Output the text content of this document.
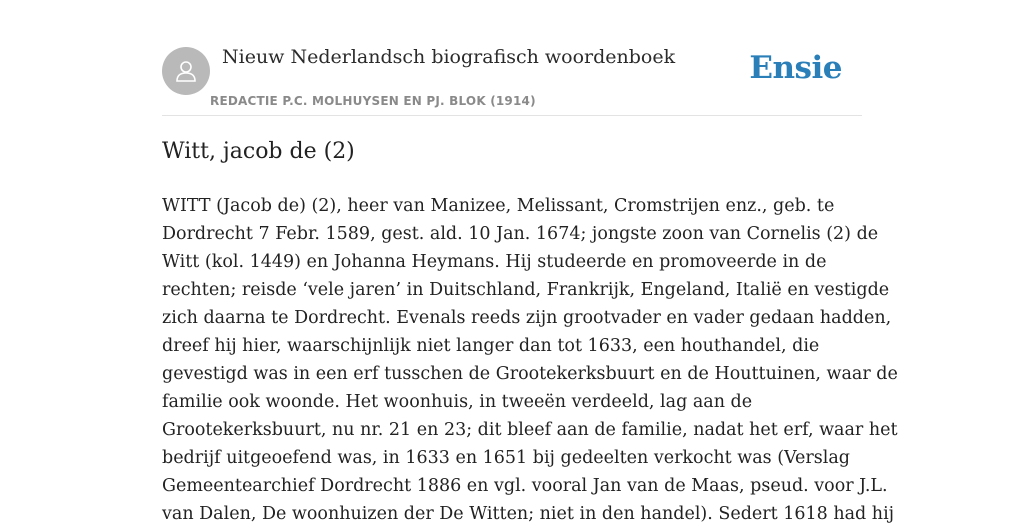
Nieuw Nederlandsch biografisch woordenboek
REDACTIE P.C. MOLHUYSEN EN PJ. BLOK (1914)
Ensie
Witt, jacob de (2)
WITT (Jacob de) (2), heer van Manizee, Melissant, Cromstrijen enz., geb. te
Dordrecht 7 Febr. 1589, gest. ald. 10 Jan. 1674; jongste zoon van Cornelis (2) de
Witt (kol. 1449) en Johanna Heymans. Hij studeerde en promoveerde in de
rechten; reisde ‘vele jaren’ in Duitschland, Frankrijk, Engeland, Italië en vestigde
zich daarna te Dordrecht. Evenals reeds zijn grootvader en vader gedaan hadden,
dreef hij hier, waarschijnlijk niet langer dan tot 1633, een houthandel, die
gevestigd was in een erf tusschen de Grootekerksbuurt en de Houttuinen, waar de
familie ook woonde. Het woonhuis, in tweeën verdeeld, lag aan de
Grootekerksbuurt, nu nr. 21 en 23; dit bleef aan de familie, nadat het erf, waar het
bedrijf uitgeoefend was, in 1633 en 1651 bij gedeelten verkocht was (Verslag
Gemeentearchief Dordrecht 1886 en vgl. vooral Jan van de Maas, pseud. voor J.L.
van Dalen, De woonhuizen der De Witten; niet in den handel). Sedert 1618 had hij
